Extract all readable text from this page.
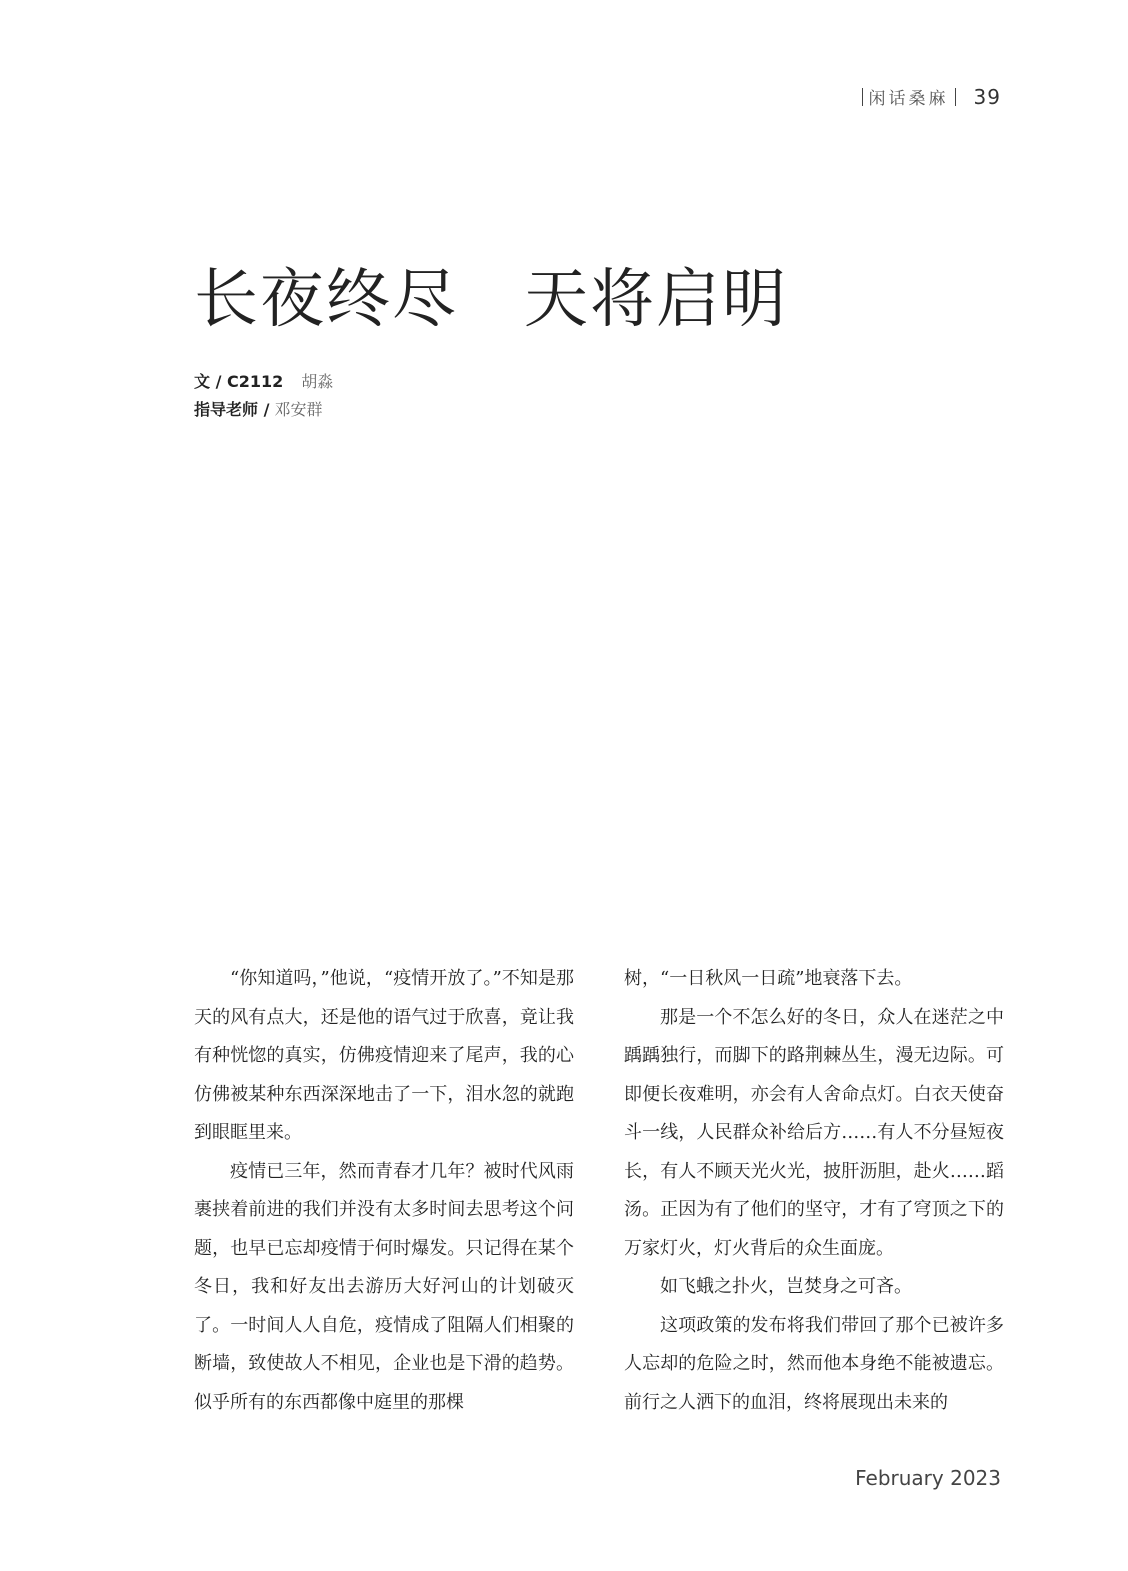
闲话桑麻 39
长夜终尽 天将启明
文 / C2112 胡淼
指导老师 / 邓安群

“你知道吗，”他说，“疫情开放了。”不知是那天的风有点大，还是他的语气过于欣喜，竟让我有种恍惚的真实，仿佛疫情迎来了尾声，我的心仿佛被某种东西深深地击了一下，泪水忽的就跑到眼眶里来。

疫情已三年，然而青春才几年？被时代风雨裹挟着前进的我们并没有太多时间去思考这个问题，也早已忘却疫情于何时爆发。只记得在某个冬日，我和好友出去游历大好河山的计划破灭了。一时间人人自危，疫情成了阻隔人们相聚的断墙，致使故人不相见，企业也是下滑的趋势。似乎所有的东西都像中庭里的那棵

树，“一日秋风一日疏”地衰落下去。

那是一个不怎么好的冬日，众人在迷茫之中踽踽独行，而脚下的路荆棘丛生，漫无边际。可即便长夜难明，亦会有人舍命点灯。白衣天使奋斗一线，人民群众补给后方……有人不分昼短夜长，有人不顾天光火光，披肝沥胆，赴火……蹈汤。正因为有了他们的坚守，才有了穹顶之下的万家灯火，灯火背后的众生面庞。

如飞蛾之扑火，岂焚身之可吝。

这项政策的发布将我们带回了那个已被许多人忘却的危险之时，然而他本身绝不能被遗忘。前行之人洒下的血泪，终将展现出未来的

February 2023
